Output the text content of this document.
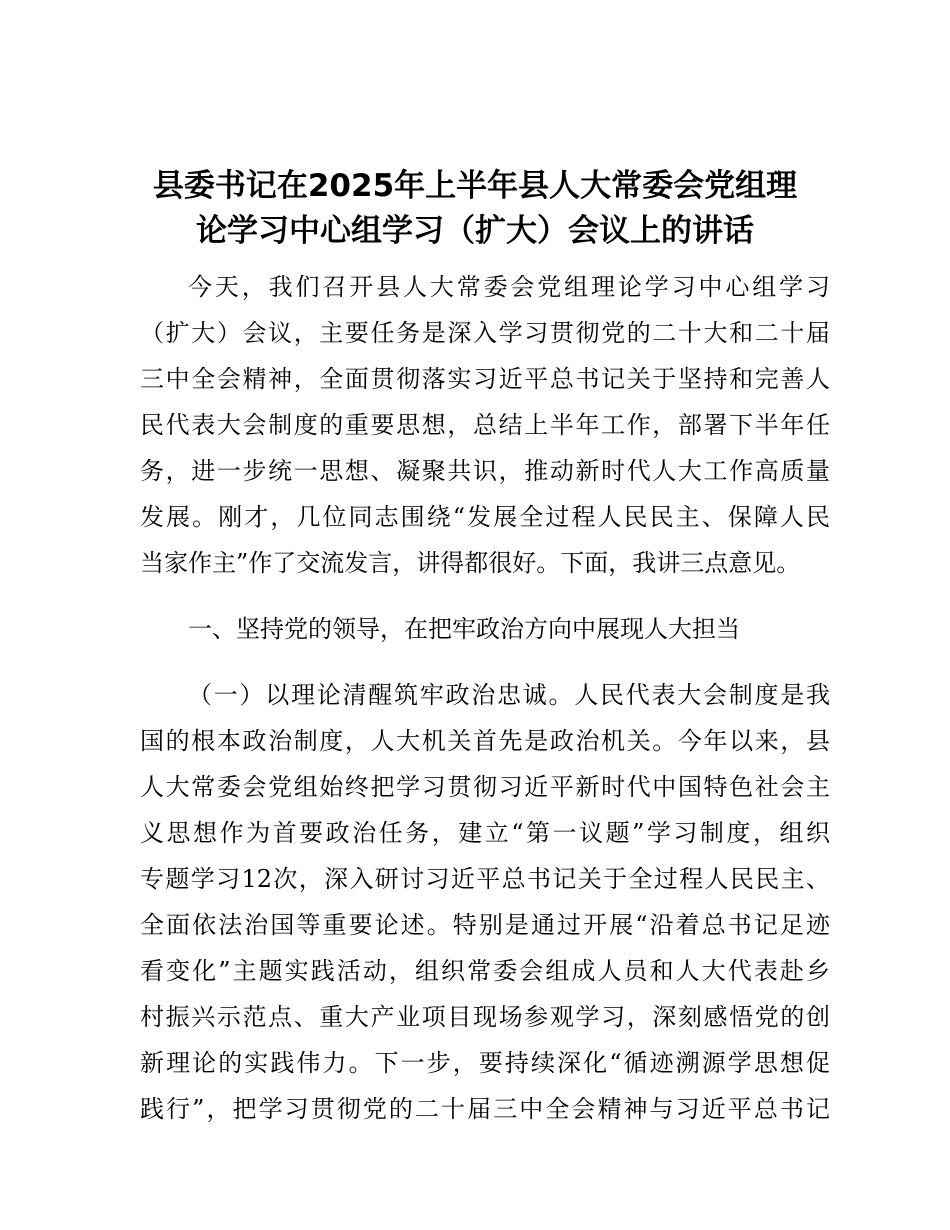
县委书记在2025年上半年县人大常委会党组理
论学习中心组学习（扩大）会议上的讲话
今天，我们召开县人大常委会党组理论学习中心组学习
（扩大）会议，主要任务是深入学习贯彻党的二十大和二十届
三中全会精神，全面贯彻落实习近平总书记关于坚持和完善人
民代表大会制度的重要思想，总结上半年工作，部署下半年任
务，进一步统一思想、凝聚共识，推动新时代人大工作高质量
发展。刚才，几位同志围绕“发展全过程人民民主、保障人民
当家作主”作了交流发言，讲得都很好。下面，我讲三点意见。
一、坚持党的领导，在把牢政治方向中展现人大担当
（一）以理论清醒筑牢政治忠诚。人民代表大会制度是我
国的根本政治制度，人大机关首先是政治机关。今年以来，县
人大常委会党组始终把学习贯彻习近平新时代中国特色社会主
义思想作为首要政治任务，建立“第一议题”学习制度，组织
专题学习12次，深入研讨习近平总书记关于全过程人民民主、
全面依法治国等重要论述。特别是通过开展“沿着总书记足迹
看变化”主题实践活动，组织常委会组成人员和人大代表赴乡
村振兴示范点、重大产业项目现场参观学习，深刻感悟党的创
新理论的实践伟力。下一步，要持续深化“循迹溯源学思想促
践行”，把学习贯彻党的二十届三中全会精神与习近平总书记
